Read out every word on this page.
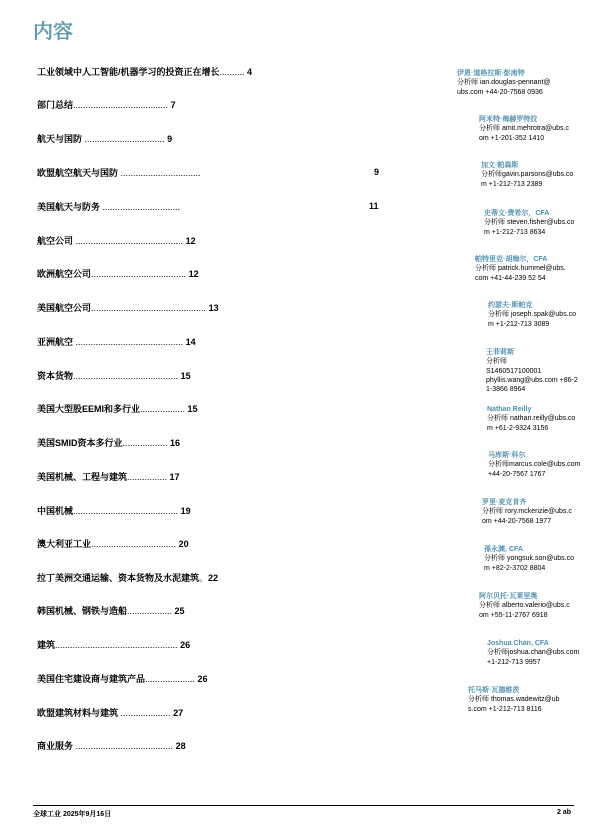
内容
工业领域中人工智能/机器学习的投资正在增长.......... 4
部门总结...................................... 7
航天与国防 ................................ 9
欧盟航空航天与国防 ................................	9
美国航天与防务 ...............................	11
航空公司 ........................................... 12
欧洲航空公司...................................... 12
美国航空公司.............................................. 13
亚洲航空 ........................................... 14
资本货物.......................................... 15
美国大型股EEMI和多行业.................. 15
美国SMID资本多行业.................. 16
美国机械、工程与建筑................ 17
中国机械.......................................... 19
澳大利亚工业.................................. 20
拉丁美洲交通运输、资本货物及水泥建筑。22
韩国机械、钢铁与造船.................. 25
建筑................................................. 26
美国住宅建设商与建筑产品.................... 26
欧盟建筑材料与建筑 .................... 27
商业服务 ....................................... 28
伊恩·道格拉斯-彭南特
分析师 ian.douglas-pennant@
ubs.com +44-20-7568 0936
阿米特·梅赫罗特拉
分析师 amit.mehrotra@ubs.c
om +1-201-352 1410
加文·帕森斯
分析师gavin.parsons@ubs.co
m +1-212-713 2389
史蒂文·费希尔，CFA
分析师 steven.fisher@ubs.co
m +1-212-713 8634
帕特里克·胡梅尔，CFA
分析师 patrick.hummel@ubs.
com +41-44-239 52 54
约瑟夫·斯帕克
分析师 joseph.spak@ubs.co
m +1-212-713 3089
王菲莉斯
分析师
S1460517100001
phyllis.wang@ubs.com +86-2
1-3866 8964
Nathan Reilly
分析师 nathan.reilly@ubs.co
m +61-2-9324 3156
马库斯·科尔
分析师marcus.cole@ubs.com
+44-20-7567 1767
罗里·麦克肯齐
分析师 rory.mckenzie@ubs.c
om +44-20-7568 1977
孫永渊, CFA
分析师 yongsuk.son@ubs.co
m +82-2-3702 8804
阿尔贝托·瓦莱里奥
分析师 alberto.valerio@ubs.c
om +55-11-2767 6918
Joshua Chan, CFA
分析师joshua.chan@ubs.com
+1-212-713 9957
托马斯·瓦德维茨
分析师 thomas.wadewitz@ub
s.com +1-212-713 8116
全球工业 2025年9月16日	2 ab
